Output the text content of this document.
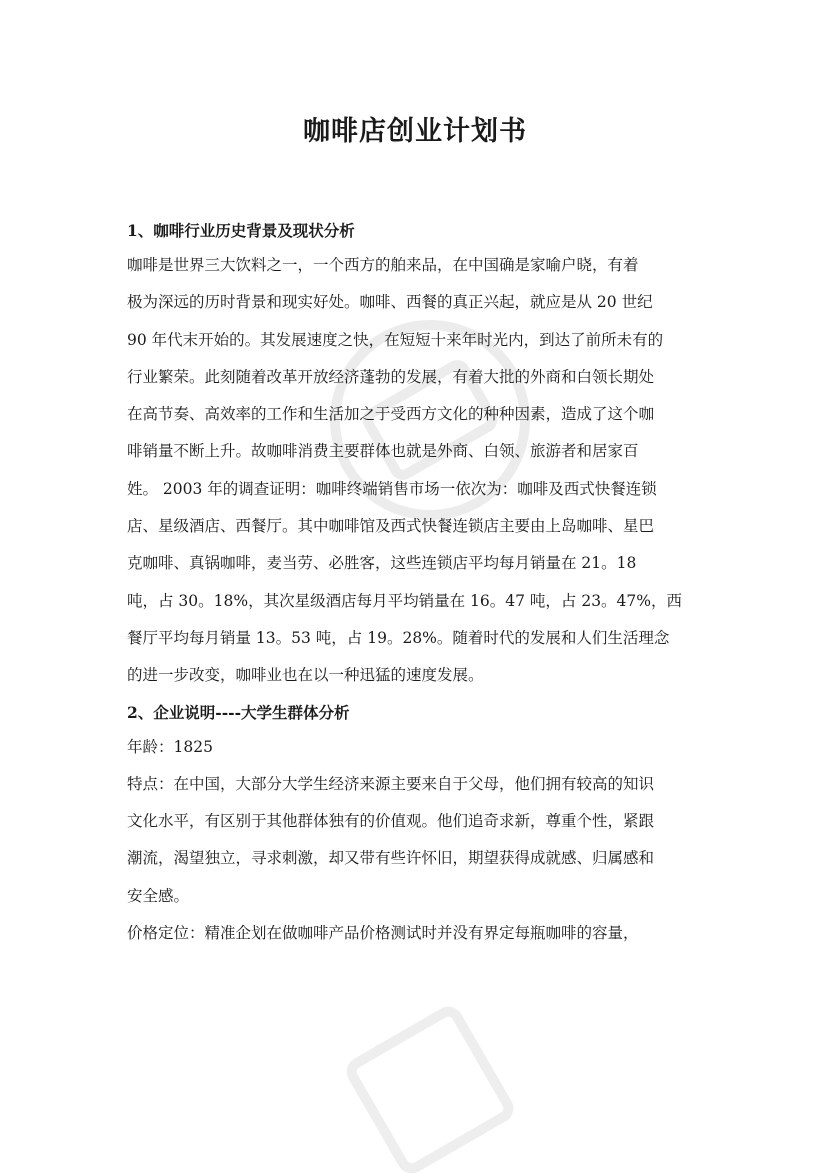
咖啡店创业计划书
1、咖啡行业历史背景及现状分析
咖啡是世界三大饮料之一，一个西方的舶来品，在中国确是家喻户晓，有着
极为深远的历时背景和现实好处。咖啡、西餐的真正兴起，就应是从 20 世纪
90 年代末开始的。其发展速度之快，在短短十来年时光内，到达了前所未有的
行业繁荣。此刻随着改革开放经济蓬勃的发展，有着大批的外商和白领长期处
在高节奏、高效率的工作和生活加之于受西方文化的种种因素，造成了这个咖
啡销量不断上升。故咖啡消费主要群体也就是外商、白领、旅游者和居家百
姓。 2003 年的调查证明：咖啡终端销售市场一依次为：咖啡及西式快餐连锁
店、星级酒店、西餐厅。其中咖啡馆及西式快餐连锁店主要由上岛咖啡、星巴
克咖啡、真锅咖啡，麦当劳、必胜客，这些连锁店平均每月销量在 21。18
吨，占 30。18%，其次星级酒店每月平均销量在 16。47 吨，占 23。47%，西
餐厅平均每月销量 13。53 吨，占 19。28%。随着时代的发展和人们生活理念
的进一步改变，咖啡业也在以一种迅猛的速度发展。
2、企业说明----大学生群体分析
年龄：1825
特点：在中国，大部分大学生经济来源主要来自于父母，他们拥有较高的知识
文化水平，有区别于其他群体独有的价值观。他们追奇求新，尊重个性，紧跟
潮流，渴望独立，寻求刺激，却又带有些许怀旧，期望获得成就感、归属感和
安全感。
价格定位：精准企划在做咖啡产品价格测试时并没有界定每瓶咖啡的容量，
